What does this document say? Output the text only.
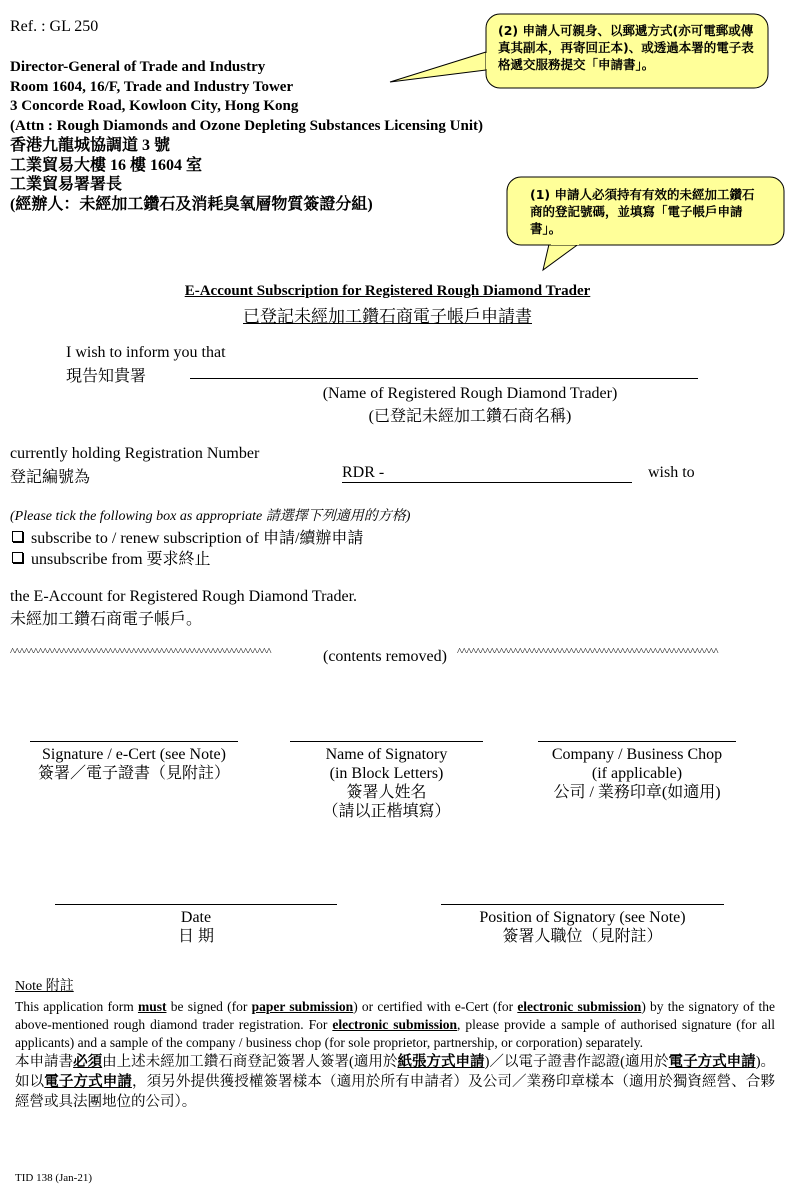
Ref. : GL 250
Director-General of Trade and Industry
Room 1604, 16/F, Trade and Industry Tower
3 Concorde Road, Kowloon City, Hong Kong
(Attn : Rough Diamonds and Ozone Depleting Substances Licensing Unit)
香港九龍城協調道 3 號
工業貿易大樓 16 樓 1604 室
工業貿易署署長
(經辦人：未經加工鑽石及消耗臭氧層物質簽證分組)
(2) 申請人可親身、以郵遞方式(亦可電郵或傳真其副本，再寄回正本)、或透過本署的電子表格遞交服務提交「申請書」。
(1) 申請人必須持有有效的未經加工鑽石商的登記號碼，並填寫「電子帳戶申請書」。
E-Account Subscription for Registered Rough Diamond Trader
已登記未經加工鑽石商電子帳戶申請書
I wish to inform you that
現告知貴署
(Name of Registered Rough Diamond Trader)
(已登記未經加工鑽石商名稱)
currently holding Registration Number
登記編號為	RDR -	wish to
(Please tick the following box as appropriate 請選擇下列適用的方格)
subscribe to / renew subscription of 申請/續辦申請
unsubscribe from 要求終止
the E-Account for Registered Rough Diamond Trader.
未經加工鑽石商電子帳戶。
^^^^^^^^^^^^^^^^^^^^^^^^^^^^^^^^^^^^^^^^^^^^^^^^^^^^^^^^	(contents removed) ^^^^^^^^^^^^^^^^^^^^^^^^^^^^^^^^^^^^^^^^^^^^^^^^^^^^^^^^
Signature / e-Cert (see Note)
簽署／電子證書（見附註）
Name of Signatory
(in Block Letters)
簽署人姓名
（請以正楷填寫）
Company / Business Chop
(if applicable)
公司 / 業務印章(如適用)
Date
日 期
Position of Signatory (see Note)
簽署人職位（見附註）

Note 附註

This application form must be signed (for paper submission) or certified with e-Cert (for electronic submission) by the signatory of the above-mentioned rough diamond trader registration. For electronic submission, please provide a sample of authorised signature (for all applicants) and a sample of the company / business chop (for sole proprietor, partnership, or corporation) separately.

本申請書必須由上述未經加工鑽石商登記簽署人簽署(適用於紙張方式申請)／以電子證書作認證(適用於電子方式申請)。如以電子方式申請，須另外提供獲授權簽署樣本（適用於所有申請者）及公司／業務印章樣本（適用於獨資經營、合夥經營或具法團地位的公司）。

TID 138 (Jan-21)
